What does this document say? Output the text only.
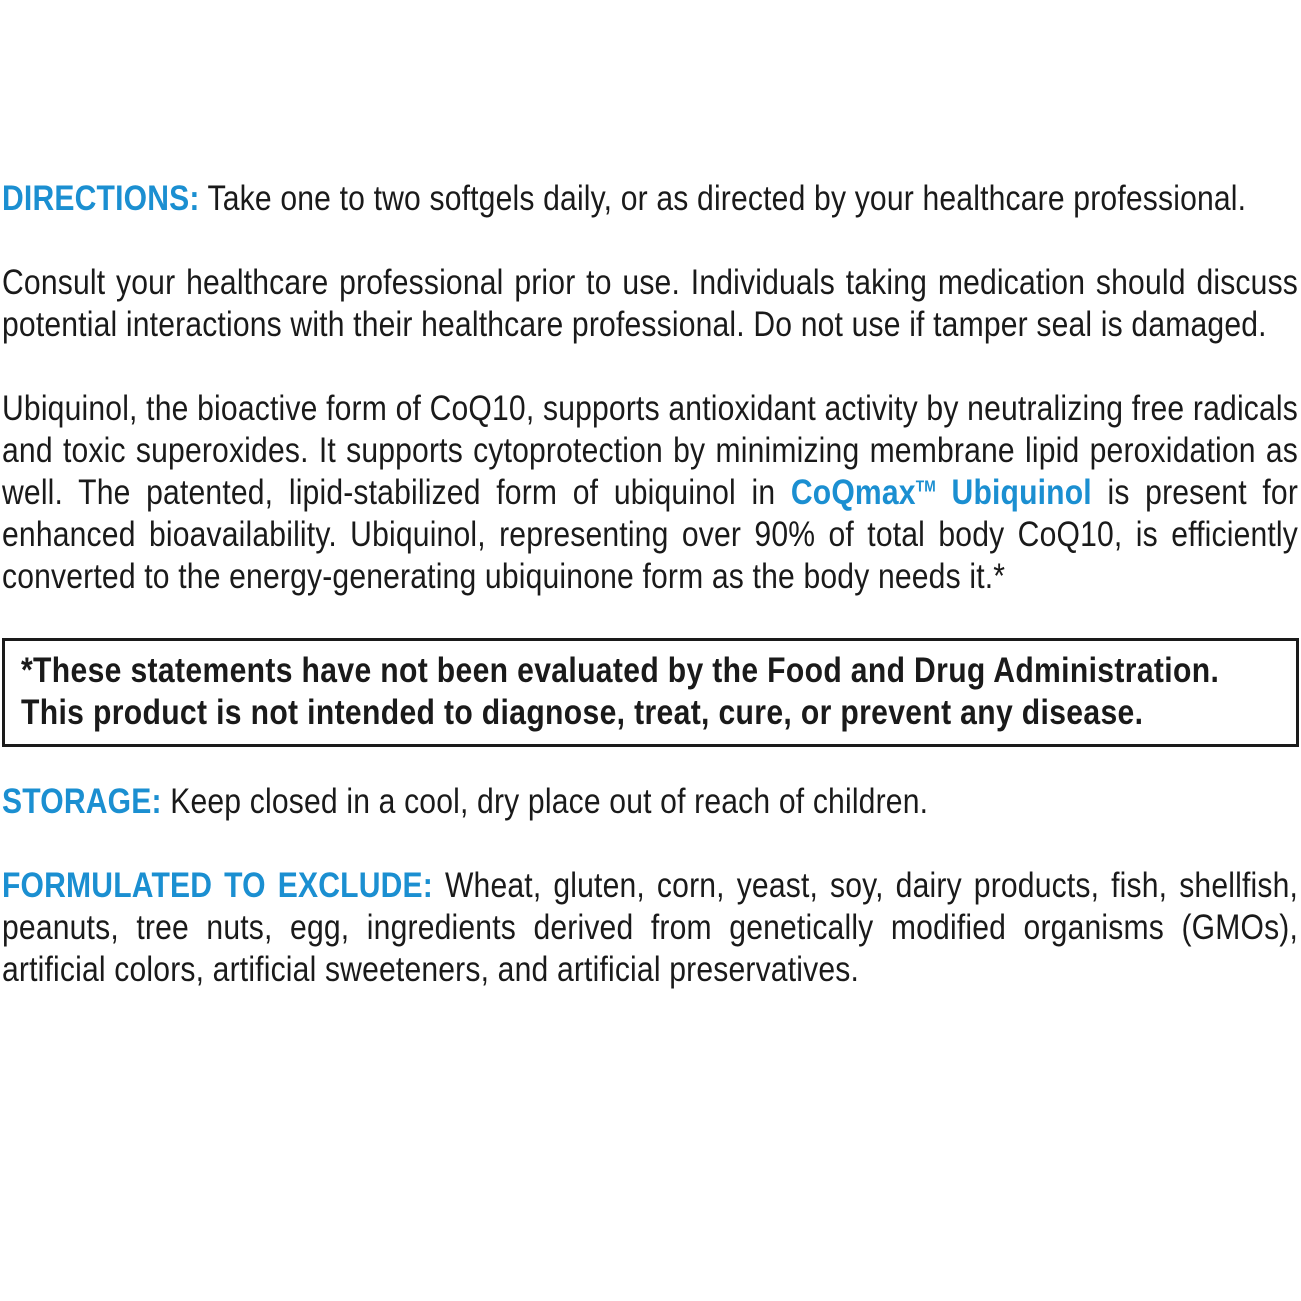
DIRECTIONS: Take one to two softgels daily, or as directed by your healthcare professional.

Consult your healthcare professional prior to use. Individuals taking medication should discuss potential interactions with their healthcare professional. Do not use if tamper seal is damaged.

Ubiquinol, the bioactive form of CoQ10, supports antioxidant activity by neutralizing free radicals and toxic superoxides. It supports cytoprotection by minimizing membrane lipid peroxidation as well. The patented, lipid-stabilized form of ubiquinol in CoQmax™ Ubiquinol is present for enhanced bioavailability. Ubiquinol, representing over 90% of total body CoQ10, is efficiently converted to the energy-generating ubiquinone form as the body needs it.*

*These statements have not been evaluated by the Food and Drug Administration.

This product is not intended to diagnose, treat, cure, or prevent any disease.

STORAGE: Keep closed in a cool, dry place out of reach of children.

FORMULATED TO EXCLUDE: Wheat, gluten, corn, yeast, soy, dairy products, fish, shellfish, peanuts, tree nuts, egg, ingredients derived from genetically modified organisms (GMOs), artificial colors, artificial sweeteners, and artificial preservatives.
